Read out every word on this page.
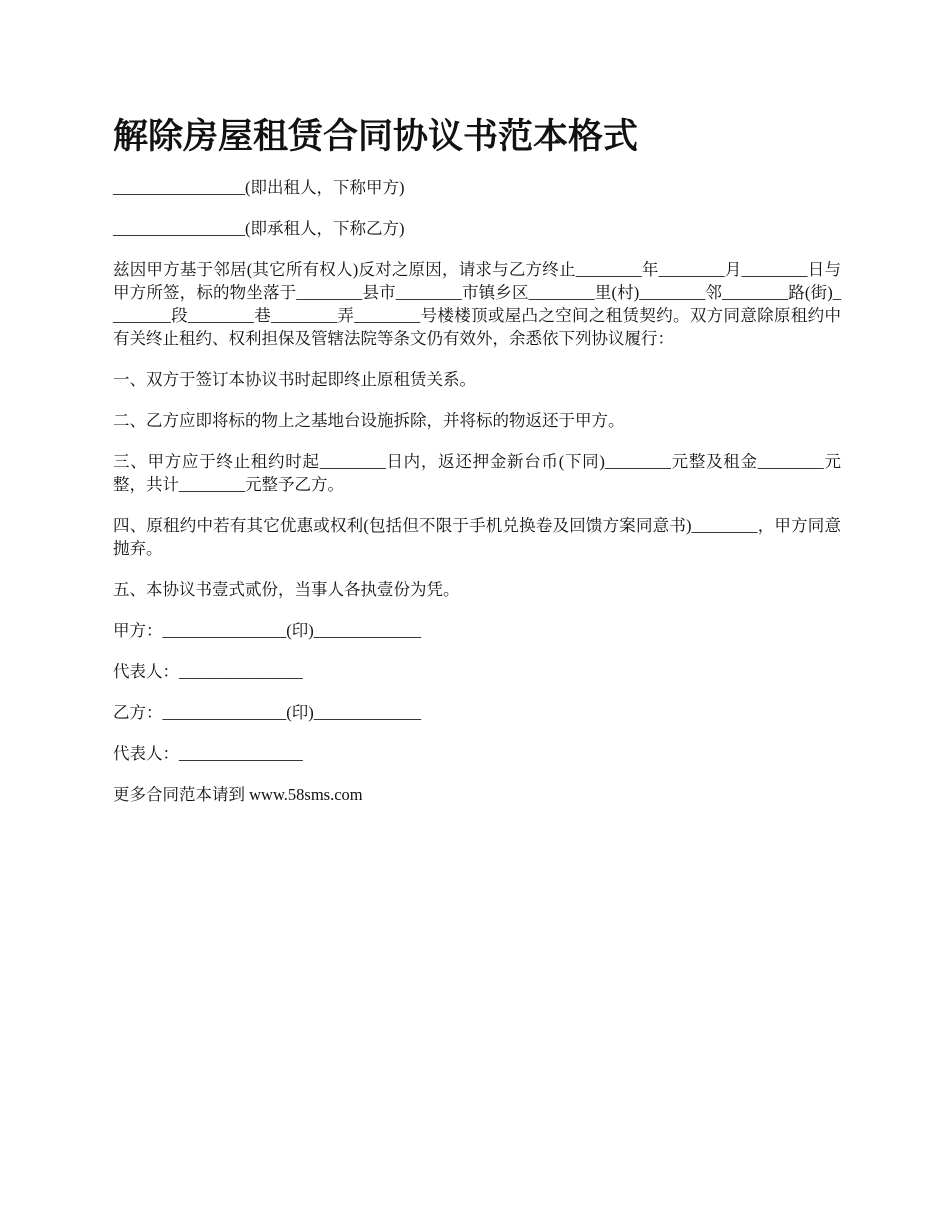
解除房屋租赁合同协议书范本格式

________________(即出租人，下称甲方)

________________(即承租人，下称乙方)

兹因甲方基于邻居(其它所有权人)反对之原因，请求与乙方终止________年________月________日与甲方所签，标的物坐落于________县市________市镇乡区________里(村)________邻________路(街)________段________巷________弄________号楼楼顶或屋凸之空间之租赁契约。双方同意除原租约中有关终止租约、权利担保及管辖法院等条文仍有效外，余悉依下列协议履行：

一、双方于签订本协议书时起即终止原租赁关系。

二、乙方应即将标的物上之基地台设施拆除，并将标的物返还于甲方。

三、甲方应于终止租约时起________日内，返还押金新台币(下同)________元整及租金________元整，共计________元整予乙方。

四、原租约中若有其它优惠或权利(包括但不限于手机兑换卷及回馈方案同意书)________，甲方同意抛弃。

五、本协议书壹式贰份，当事人各执壹份为凭。

甲方：_______________(印)_____________

代表人：_______________

乙方：_______________(印)_____________

代表人：_______________

更多合同范本请到 www.58sms.com
